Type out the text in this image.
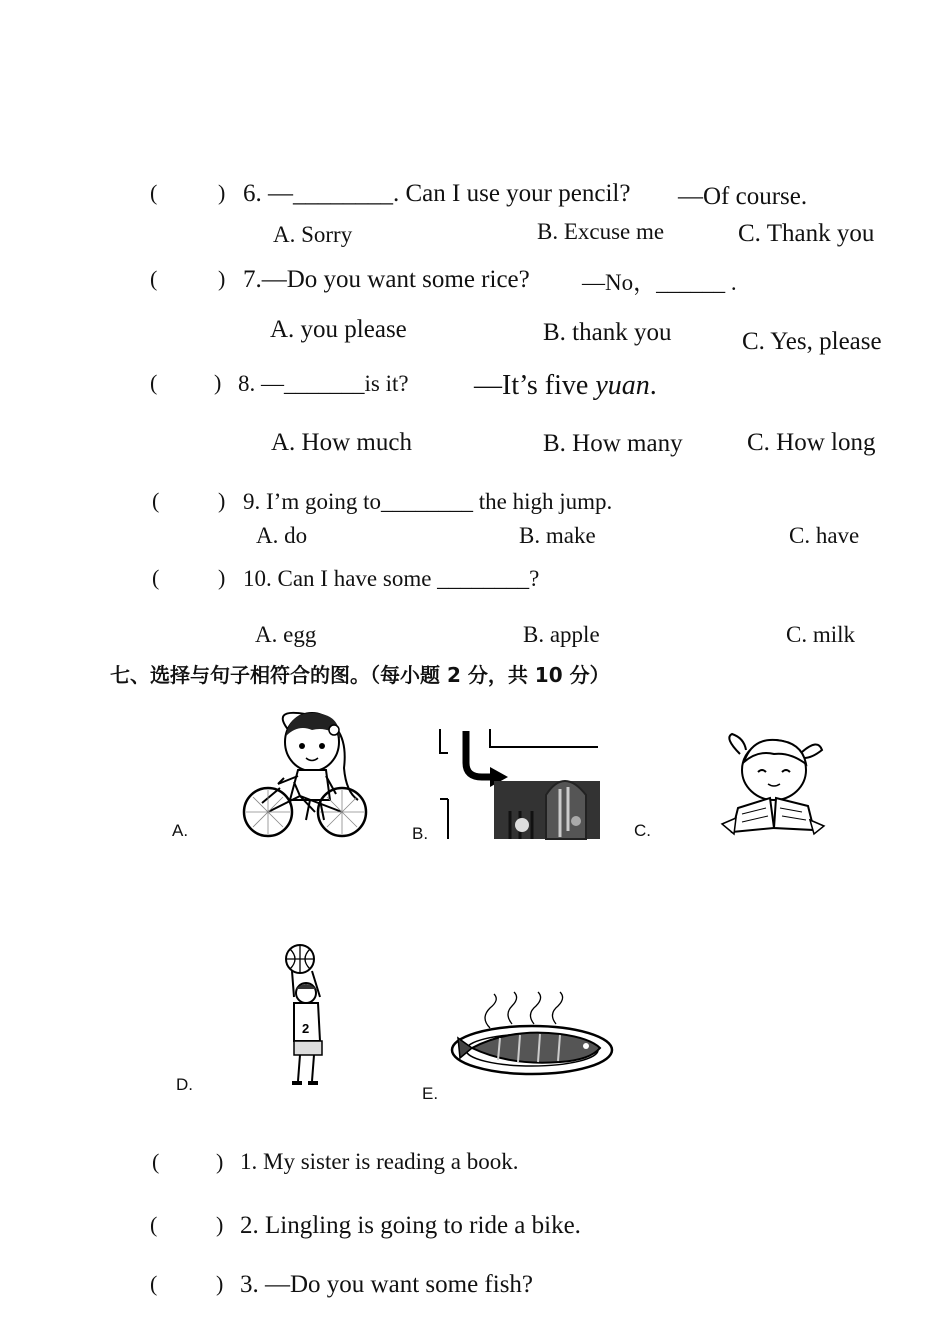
(	) 6. —________. Can I use your pencil? —Of course.
A. Sorry	B. Excuse me	C. Thank you
(	) 7.—Do you want some rice? —No，______ .
A. you please	B. thank you	C. Yes, please
(	) 8. —_______is it? —It’s five yuan.
A. How much	B. How many	C. How long
(	) 9. I’m going to________ the high jump.
A. do	B. make	C. have
(	) 10. Can I have some ________?
A. egg	B. apple	C. milk
七、选择与句子相符合的图。（每小题 2 分，共 10 分）
A.	B.	C.
D.	E.
2
(	) 1. My sister is reading a book.
(	) 2. Lingling is going to ride a bike.
(	) 3. —Do you want some fish?
